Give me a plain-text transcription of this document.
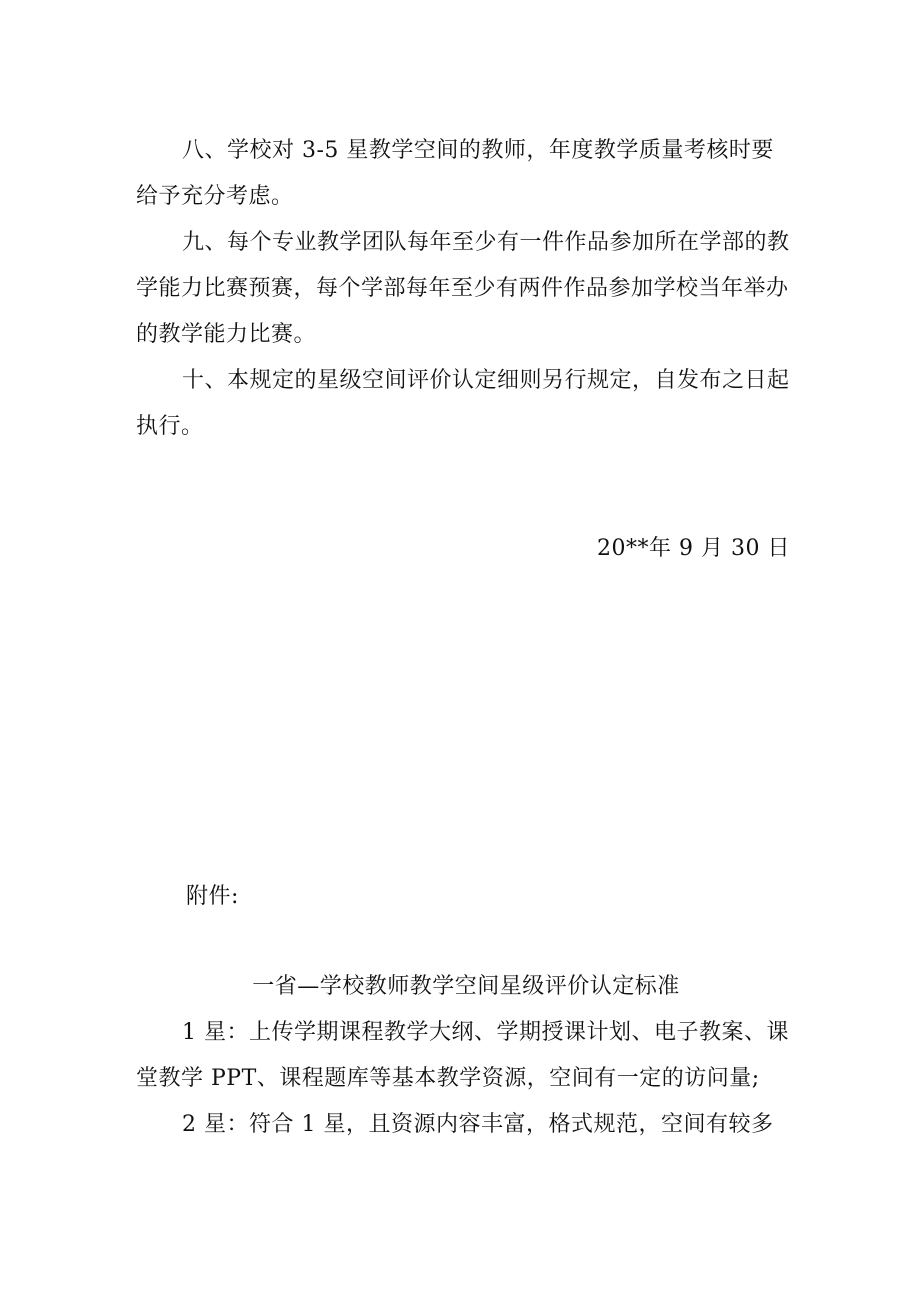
八、学校对 3-5 星教学空间的教师，年度教学质量考核时要给予充分考虑。

九、每个专业教学团队每年至少有一件作品参加所在学部的教学能力比赛预赛，每个学部每年至少有两件作品参加学校当年举办的教学能力比赛。

十、本规定的星级空间评价认定细则另行规定，自发布之日起执行。

20**年 9 月 30 日
附件:
一省—学校教师教学空间星级评价认定标准

1 星：上传学期课程教学大纲、学期授课计划、电子教案、课堂教学 PPT、课程题库等基本教学资源，空间有一定的访问量;

2 星：符合 1 星，且资源内容丰富，格式规范，空间有较多
